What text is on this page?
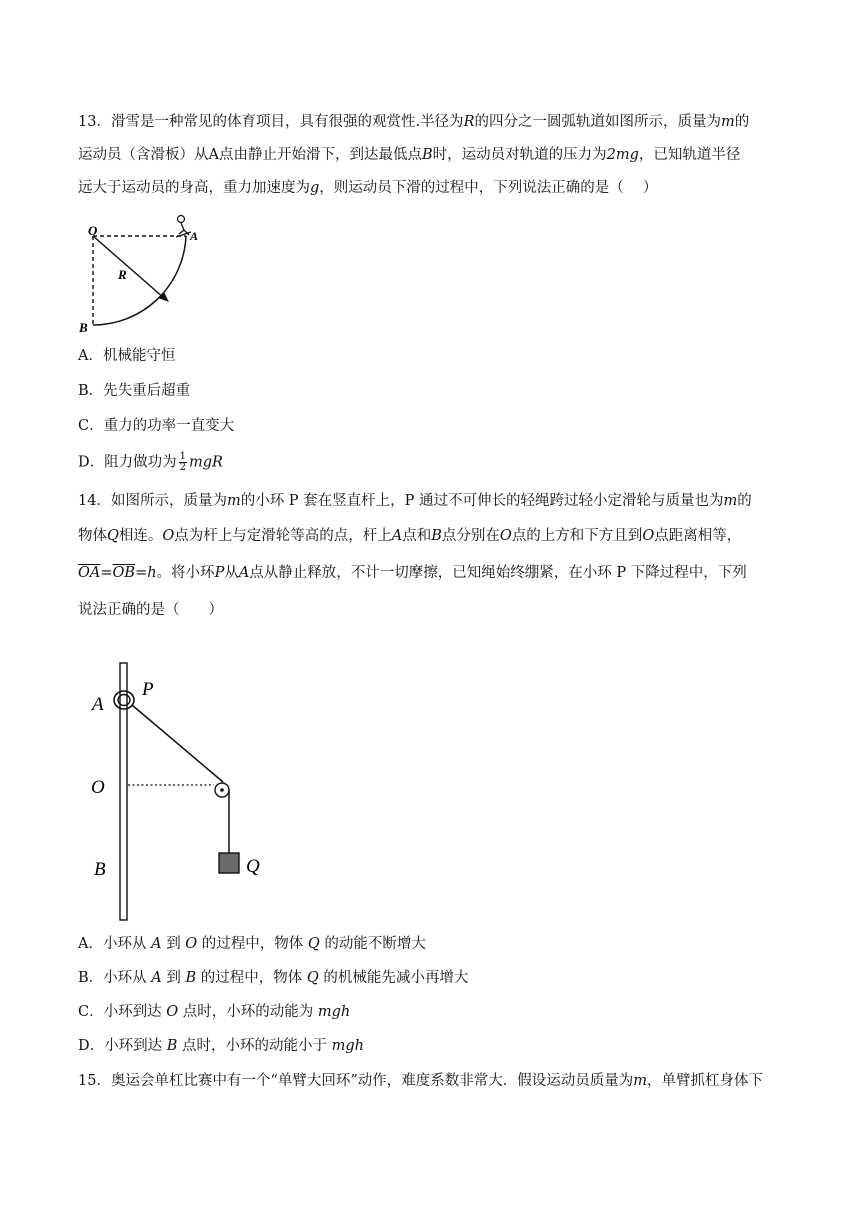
13．滑雪是一种常见的体育项目，具有很强的观赏性.半径为R的四分之一圆弧轨道如图所示，质量为m的
运动员（含滑板）从A点由静止开始滑下，到达最低点B时，运动员对轨道的压力为2mg，已知轨道半径
远大于运动员的身高，重力加速度为g，则运动员下滑的过程中，下列说法正确的是（　 ）
O	A
R
B
A．机械能守恒
B．先失重后超重
C．重力的功率一直变大
D．阻力做功为 $\frac{1}{2}$ mgR
14．如图所示，质量为m的小环 P 套在竖直杆上，P 通过不可伸长的轻绳跨过轻小定滑轮与质量也为m的
物体Q相连。O点为杆上与定滑轮等高的点，杆上A点和B点分别在O点的上方和下方且到O点距离相等，
$\overline{OA}=\overline{OB}=h$。将小环P从A点从静止释放，不计一切摩擦，已知绳始终绷紧，在小环 P 下降过程中，下列
说法正确的是（　　）
A
P
O
B	Q
A．小环从 A 到 O 的过程中，物体 Q 的动能不断增大
B．小环从 A 到 B 的过程中，物体 Q 的机械能先减小再增大
C．小环到达 O 点时，小环的动能为 mgh
D．小环到达 B 点时，小环的动能小于 mgh
15．奥运会单杠比赛中有一个“单臂大回环”动作，难度系数非常大．假设运动员质量为m，单臂抓杠身体下
